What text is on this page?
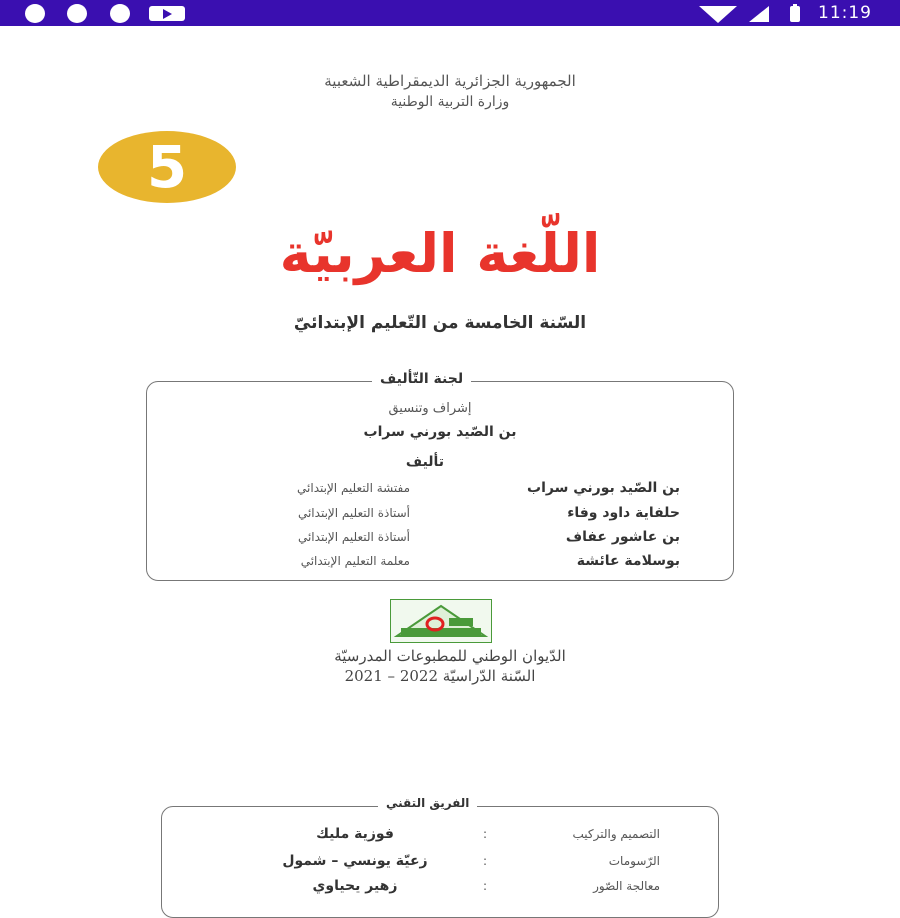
11:19
الجمهورية الجزائرية الديمقراطية الشعبية
وزارة التربية الوطنية
5
اللّغة العربيّة
السّنة الخامسة من التّعليم الإبتدائيّ
لجنة التّأليف
إشراف وتنسيق
بن الصّيد بورني سراب
تأليف
بن الصّيد بورني سراب
مفتشة التعليم الإبتدائي
حلفاية داود وفاء
أستاذة التعليم الإبتدائي
بن عاشور عفاف
أستاذة التعليم الإبتدائي
بوسلامة عائشة
معلمة التعليم الإبتدائي
الدّيوان الوطني للمطبوعات المدرسيّة
السّنة الدّراسيّة 2022 – 2021
الفريق التقني
التصميم والتركيب
:
فوزية مليك
الرّسومات
:
زعيّة يونسي – شمول
معالجة الصّور
:
زهير يحياوي
